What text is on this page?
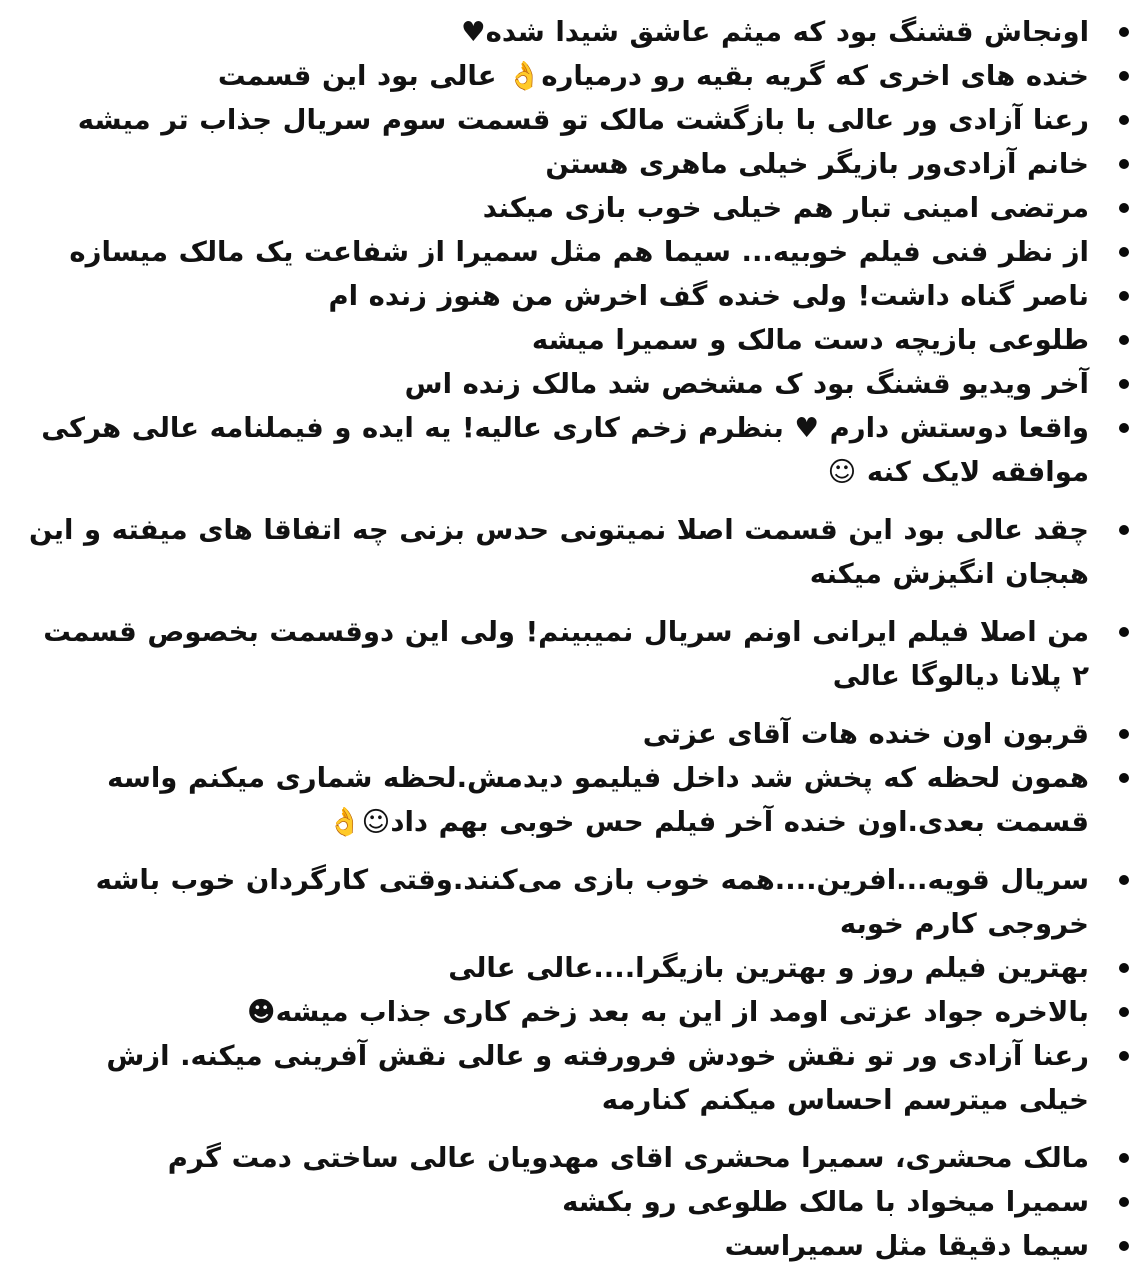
اونجاش قشنگ بود که میثم عاشق شیدا شده♥
خنده های اخری که گریه بقیه رو درمیاره👌 عالی بود این قسمت
رعنا آزادی ور عالی با بازگشت مالک تو قسمت سوم سریال جذاب تر میشه
خانم آزادی‌ور بازیگر خیلی ماهری هستن
مرتضی امینی تبار هم خیلی خوب بازی میکند
از نظر فنی فیلم خوبیه... سیما هم مثل سمیرا از شفاعت یک مالک میسازه
ناصر گناه داشت! ولی خنده گف اخرش من هنوز زنده ام
طلوعی بازیچه دست مالک و سمیرا میشه
آخر ویدیو قشنگ بود ک مشخص شد مالک زنده اس
واقعا دوستش دارم ♥ بنظرم زخم کاری عالیه! یه ایده و فیملنامه عالی هرکی موافقه لایک کنه ☺
چقد عالی بود این قسمت اصلا نمیتونی حدس بزنی چه اتفاقا های میفته و این هبجان انگیزش میکنه
من اصلا فیلم ایرانی اونم سریال نمیبینم! ولی این دوقسمت بخصوص قسمت ۲ پلانا دیالوگا عالی
قربون اون خنده هات آقای عزتی
همون لحظه که پخش شد داخل فیلیمو دیدمش.لحظه شماری میکنم واسه قسمت بعدی.اون خنده آخر فیلم حس خوبی بهم داد☺👌
سریال قویه...افرین....همه خوب بازی می‌کنند.وقتی کارگردان خوب باشه خروجی کارم خوبه
بهترین فیلم روز و بهترین بازیگرا....عالی عالی
بالاخره جواد عزتی اومد از این به بعد زخم کاری جذاب میشه☻
رعنا آزادی ور تو نقش خودش فرورفته و عالی نقش آفرینی میکنه. ازش خیلی میترسم احساس میکنم کنارمه
مالک محشری، سمیرا محشری اقای مهدویان عالی ساختی دمت گرم
سمیرا میخواد با مالک طلوعی رو بکشه
سیما دقیقا مثل سمیراست
